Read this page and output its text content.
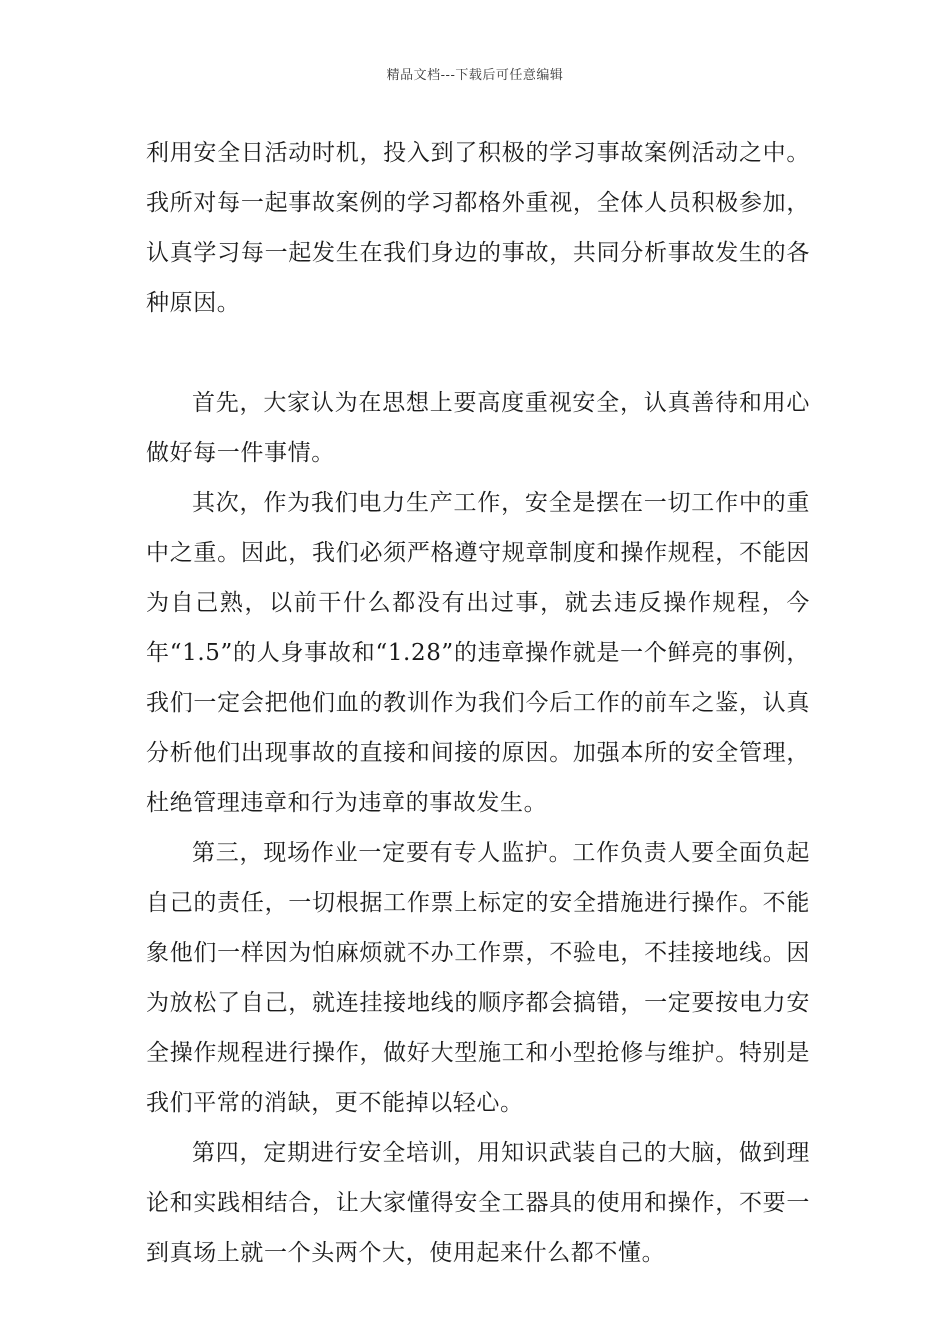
精品文档---下载后可任意编辑

利用安全日活动时机，投入到了积极的学习事故案例活动之中。我所对每一起事故案例的学习都格外重视，全体人员积极参加，认真学习每一起发生在我们身边的事故，共同分析事故发生的各种原因。

首先，大家认为在思想上要高度重视安全，认真善待和用心做好每一件事情。

其次，作为我们电力生产工作，安全是摆在一切工作中的重中之重。因此，我们必须严格遵守规章制度和操作规程，不能因为自己熟，以前干什么都没有出过事，就去违反操作规程，今年“1.5”的人身事故和“1.28”的违章操作就是一个鲜亮的事例，我们一定会把他们血的教训作为我们今后工作的前车之鉴，认真分析他们出现事故的直接和间接的原因。加强本所的安全管理，杜绝管理违章和行为违章的事故发生。

第三，现场作业一定要有专人监护。工作负责人要全面负起自己的责任，一切根据工作票上标定的安全措施进行操作。不能象他们一样因为怕麻烦就不办工作票，不验电，不挂接地线。因为放松了自己，就连挂接地线的顺序都会搞错，一定要按电力安全操作规程进行操作，做好大型施工和小型抢修与维护。特别是我们平常的消缺，更不能掉以轻心。

第四，定期进行安全培训，用知识武装自己的大脑，做到理论和实践相结合，让大家懂得安全工器具的使用和操作，不要一到真场上就一个头两个大，使用起来什么都不懂。
